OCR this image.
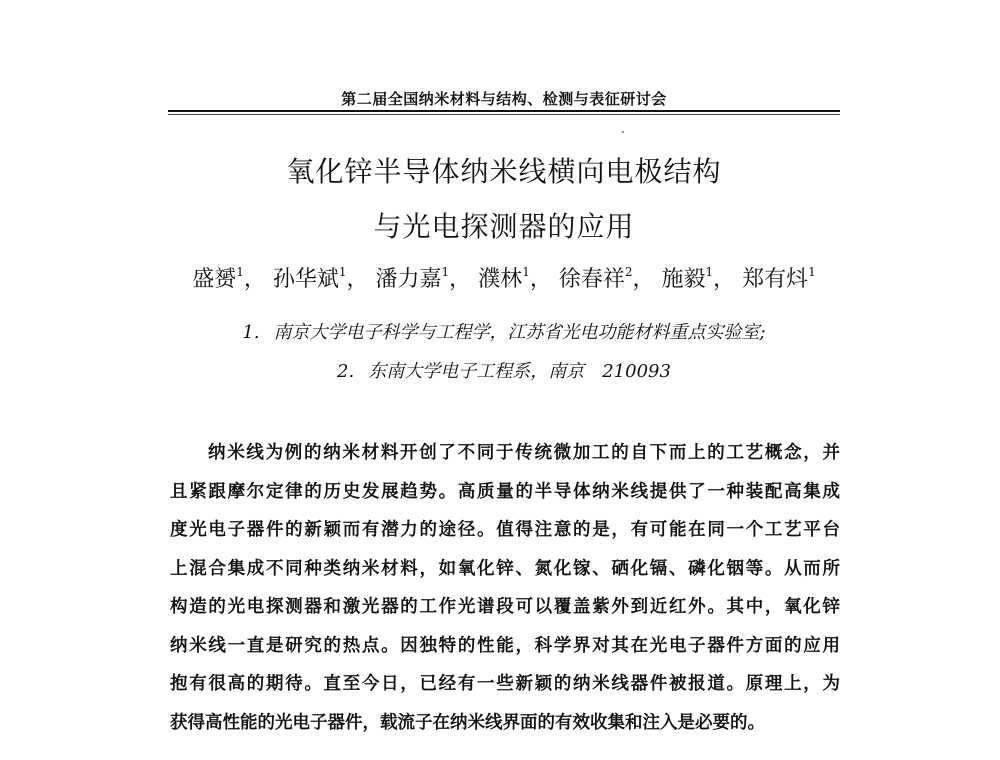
第二届全国纳米材料与结构、检测与表征研讨会
氧化锌半导体纳米线横向电极结构
与光电探测器的应用
盛赟$^1$， 孙华斌$^1$， 潘力嘉$^1$， 濮林$^1$， 徐春祥$^2$， 施毅$^1$， 郑有炓$^1$
1. 南京大学电子科学与工程学，江苏省光电功能材料重点实验室;
2. 东南大学电子工程系，南京　210093
纳米线为例的纳米材料开创了不同于传统微加工的自下而上的工艺概念，并
且紧跟摩尔定律的历史发展趋势。高质量的半导体纳米线提供了一种装配高集成
度光电子器件的新颖而有潜力的途径。值得注意的是，有可能在同一个工艺平台
上混合集成不同种类纳米材料，如氧化锌、氮化镓、硒化镉、磷化铟等。从而所
构造的光电探测器和激光器的工作光谱段可以覆盖紫外到近红外。其中，氧化锌
纳米线一直是研究的热点。因独特的性能，科学界对其在光电子器件方面的应用
抱有很高的期待。直至今日，已经有一些新颖的纳米线器件被报道。原理上，为
获得高性能的光电子器件，载流子在纳米线界面的有效收集和注入是必要的。
